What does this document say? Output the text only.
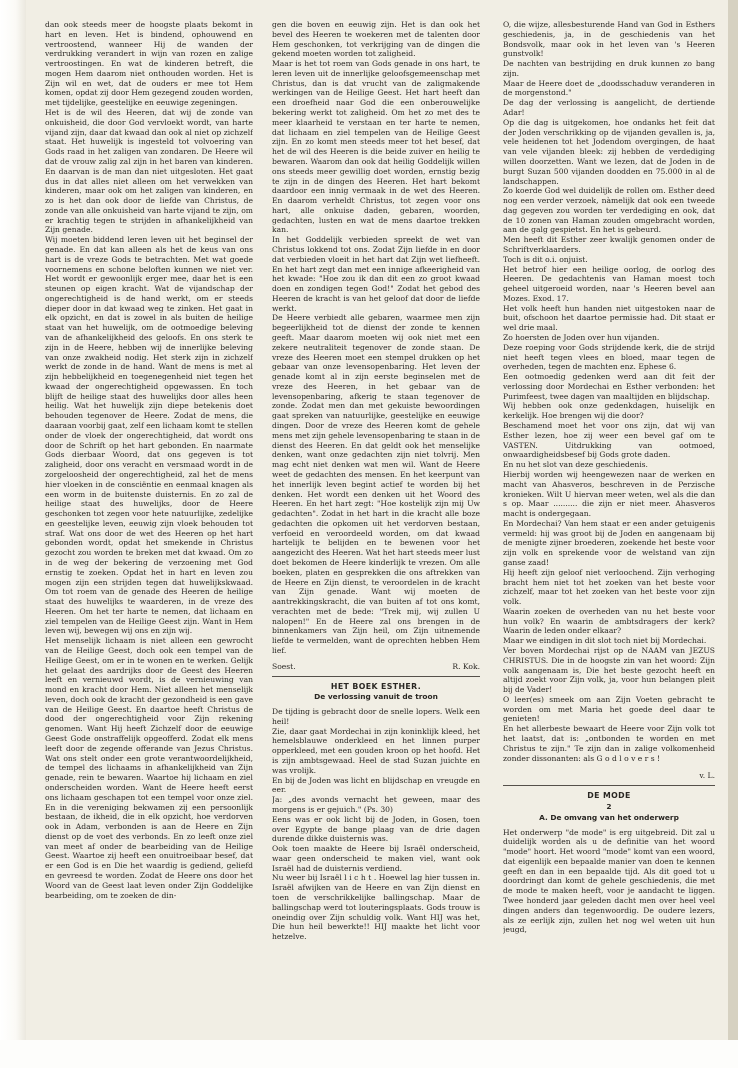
dan ook steeds meer de hoogste plaats bekomt in hart en leven. Het is bindend, ophouwend en vertroostend, wanneer Hij de wanden der verdrukking verandert in wijn van rozen en zalige vertroostingen. En wat de kinderen betreft, die mogen Hem daarom niet onthouden worden. Het is Zijn wil en wet, dat de ouders er mee tot Hem komen, opdat zij door Hem gezegend zouden worden, met tijdelijke, geestelijke en eeuwige zegeningen.

Het is de wil des Heeren, dat wij de zonde van onkuisheid, die door God vervloekt wordt, van harte vijand zijn, daar dat kwaad dan ook al niet op zichzelf staat. Het huwelijk is ingesteld tot volvoering van Gods raad in het zaligen van zondaren. De Heere wil dat de vrouw zalig zal zijn in het baren van kinderen. En daarvan is de man dan niet uitgesloten. Het gaat dus in dat alles niet alleen om het verwekken van kinderen, maar ook om het zaligen van kinderen, en zo is het dan ook door de liefde van Christus, de zonde van alle onkuisheid van harte vijand te zijn, om er krachtig tegen te strijden in afhankelijkheid van Zijn genade.

Wij moeten biddend leren leven uit het beginsel der genade. En dat kan alleen als het de keus van ons hart is de vreze Gods te betrachten. Met wat goede voornemens en schone beloften kunnen we niet ver. Het wordt er gewoonlijk erger mee, daar het is een steunen op eigen kracht. Wat de vijandschap der ongerechtigheid is de hand werkt, om er steeds dieper door in dat kwaad weg te zinken. Het gaat in elk opzicht, en dat is zowel in als buiten de heilige staat van het huwelijk, om de ootmoedige beleving van de afhankelijkheid des geloofs. En ons sterk te zijn in de Heere, hebben wij de innerlijke beleving van onze zwakheid nodig. Het sterk zijn in zichzelf werkt de zonde in de hand. Want de mens is met al zijn hebbelijkheid en toegenegenheid niet tegen het kwaad der ongerechtigheid opgewassen. En toch blijft de heilige staat des huwelijks door alles heen heilig. Wat het huwelijk zijn diepe betekenis doet behouden tegenover de Heere. Zodat de mens, die daaraan voorbij gaat, zelf een lichaam komt te stellen onder de vloek der ongerechtigheid, dat wordt ons door de Schrift op het hart gebonden. En naarmate Gods dierbaar Woord, dat ons gegeven is tot zaligheid, door ons veracht en versmaad wordt in de zorgeloosheid der ongerechtigheid, zal het de mens hier vloeken in de consciëntie en eenmaal knagen als een worm in de buitenste duisternis. En zo zal de heilige staat des huwelijks, door de Heere geschonken tot zegen voor hete natuurlijke, zedelijke en geestelijke leven, eeuwig zijn vloek behouden tot straf. Wat ons door de wet des Heeren op het hart gebonden wordt, opdat het smekende in Christus gezocht zou worden te breken met dat kwaad. Om zo in de weg der bekering de verzoening met God ernstig te zoeken. Opdat het in hart en leven zou mogen zijn een strijden tegen dat huwelijkskwaad. Om tot roem van de genade des Heeren de heilige staat des huwelijks te waarderen, in de vreze des Heeren. Om het ter harte te nemen, dat lichaam en ziel tempelen van de Heilige Geest zijn. Want in Hem leven wij, bewegen wij ons en zijn wij.

Het menselijk lichaam is niet alleen een gewrocht van de Heilige Geest, doch ook een tempel van de Heilige Geest, om er in te wonen en te werken. Gelijk het gelaat des aardrijks door de Geest des Heeren leeft en vernieuwd wordt, is de vernieuwing van mond en kracht door Hem. Niet alleen het menselijk leven, doch ook de kracht der gezondheid is een gave van de Heilige Geest. En daartoe heeft Christus de dood der ongerechtigheid voor Zijn rekening genomen. Want Hij heeft Zichzelf door de eeuwige Geest Gode onstraffelijk opgeofferd. Zodat elk mens leeft door de zegende offerande van Jezus Christus. Wat ons stelt onder een grote verantwoordelijkheid, de tempel des lichaams in afhankelijkheid van Zijn genade, rein te bewaren. Waartoe hij lichaam en ziel onderscheiden worden. Want de Heere heeft eerst ons lichaam geschapen tot een tempel voor onze ziel. En in die vereniging bekwamen zij een persoonlijk bestaan, de ikheid, die in elk opzicht, hoe verdorven ook in Adam, verbonden is aan de Heere en Zijn dienst op de voet des verbonds. En zo leeft onze ziel van meet af onder de bearbeiding van de Heilige Geest. Waartoe zij heeft een onuitroeibaar besef, dat er een God is en Die het waardig is gediend, geliefd en gevreesd te worden. Zodat de Heere ons door het Woord van de Geest laat leven onder Zijn Goddelijke bearbeiding, om te zoeken de din-

gen die boven en eeuwig zijn. Het is dan ook het bevel des Heeren te woekeren met de talenten door Hem geschonken, tot verkrijging van de dingen die gekend moeten worden tot zaligheid.

Maar is het tot roem van Gods genade in ons hart, te leren leven uit de innerlijke geloofsgemeenschap met Christus, dan is dat vrucht van de zaligmakende werkingen van de Heilige Geest. Het hart heeft dan een droefheid naar God die een onberouwelijke bekering werkt tot zaligheid. Om het zo met des te meer klaarheid te verstaan en ter harte te nemen, dat lichaam en ziel tempelen van de Heilige Geest zijn. En zo komt men steeds meer tot het besef, dat het de wil des Heeren is die beide zuiver en heilig te bewaren. Waarom dan ook dat heilig Goddelijk willen ons steeds meer gewillig doet worden, ernstig bezig te zijn in de dingen des Heeren. Het hart bekomt daardoor een innig vermaak in de wet des Heeren. En daarom verheldt Christus, tot zegen voor ons hart, alle onkuise daden, gebaren, woorden, gedachten, lusten en wat de mens daartoe trekken kan.

In het Goddelijk verbieden spreekt de wet van Christus lokkend tot ons. Zodat Zijn liefde in en door dat verbieden vloeit in het hart dat Zijn wet liefheeft. En het hart zegt dan met een innige afkeerigheid van het kwade: "Hoe zou ik dan dit een zo groot kwaad doen en zondigen tegen God!" Zodat het gebod des Heeren de kracht is van het geloof dat door de liefde werkt.

De Heere verbiedt alle gebaren, waarmee men zijn begeerlijkheid tot de dienst der zonde te kennen geeft. Maar daarom moeten wij ook niet met een zekere neutraliteit tegenover de zonde staan. De vreze des Heeren moet een stempel drukken op het gebaar van onze levensopenbaring. Het leven der genade komt al in zijn eerste beginselen met de vreze des Heeren, in het gebaar van de levensopenbaring, afkerig te staan tegenover de zonde. Zodat men dan met gekuiste bewoordingen gaat spreken van natuurlijke, geestelijke en eeuwige dingen. Door de vreze des Heeren komt de gehele mens met zijn gehele levensopenbaring te staan in de dienst des Heeren. En dat geldt ook het menselijke denken, want onze gedachten zijn niet tolvrij. Men mag echt niet denken wat men wil. Want de Heere weet de gedachten des mensen. En het keerpunt van het innerlijk leven begint actief te worden bij het denken. Het wordt een denken uit het Woord des Heeren. En het hart zegt: "Hoe kostelijk zijn mij Uw gedachten". Zodat in het hart in die kracht alle boze gedachten die opkomen uit het verdorven bestaan, verfoeid en veroordeeld worden, om dat kwaad hartelijk te belijden en te bewenen voor het aangezicht des Heeren. Wat het hart steeds meer lust doet bekomen de Heere kinderlijk te vrezen. Om alle boeken, platen en gesprekken die ons aftrekken van de Heere en Zijn dienst, te veroordelen in de kracht van Zijn genade. Want wij moeten de aantrekkingskracht, die van buiten af tot ons komt, verachten met de bede: "Trek mij, wij zullen U nalopen!" En de Heere zal ons brengen in de binnenkamers van Zijn heil, om Zijn uitnemende liefde te vermelden, want de oprechten hebben Hem lief.

Soest.	R. Kok.
HET BOEK ESTHER.
De verlossing vanuit de troon

De tijding is gebracht door de snelle lopers. Welk een heil!

Zie, daar gaat Mordechai in zijn koninklijk kleed, het hemelsblauwe onderkleed en het linnen purper opperkleed, met een gouden kroon op het hoofd. Het is zijn ambtsgewaad. Heel de stad Suzan juichte en was vrolijk.

En bij de Joden was licht en blijdschap en vreugde en eer.

Ja: „des avonds vernacht het geween, maar des morgens is er gejuich." (Ps. 30)

Eens was er ook licht bij de Joden, in Gosen, toen over Egypte de bange plaag van de drie dagen durende dikke duisternis was.

Ook toen maakte de Heere bij Israël onderscheid, waar geen onderscheid te maken viel, want ook Israël had de duisternis verdiend.

Nu weer bij Israël l i c h t . Hoewel lag hier tussen in. Israël afwijken van de Heere en van Zijn dienst en toen de verschrikkelijke ballingschap. Maar de ballingschap werd tot louteringsplaats. Gods trouw is oneindig over Zijn schuldig volk. Want HIJ was het, Die hun heil bewerkte!! HIJ maakte het licht voor hetzelve.

O, die wijze, allesbesturende Hand van God in Esthers geschiedenis, ja, in de geschiedenis van het Bondsvolk, maar ook in het leven van 's Heeren gunstvolk!

De nachten van bestrijding en druk kunnen zo bang zijn.

Maar de Heere doet de „doodsschaduw veranderen in de morgenstond."

De dag der verlossing is aangelicht, de dertiende Adar!

Op die dag is uitgekomen, hoe ondanks het feit dat der Joden verschrikking op de vijanden gevallen is, ja, vele heidenen tot het Jodendom overgingen, de haat van vele vijanden bleek: zij hebben de verdediging willen doorzetten. Want we lezen, dat de Joden in de burgt Suzan 500 vijanden doodden en 75.000 in al de landschappen.

Zo koerde God wel duidelijk de rollen om. Esther deed nog een verder verzoek, nàmelijk dat ook een tweede dag gegeven zou worden ter verdediging en ook, dat de 10 zonen van Haman zouden omgebracht worden, aan de galg gespietst. En het is gebeurd.

Men heeft dit Esther zeer kwalijk genomen onder de Schriftverklaarders.

Toch is dit o.i. onjuist.

Het betrof hier een heilige oorlog, de oorlog des Heeren. De gedachtenis van Haman moest toch geheel uitgeroeid worden, naar 's Heeren bevel aan Mozes. Exod. 17.

Het volk heeft hun handen niet uitgestoken naar de buit, ofschoon het daartoe permissie had. Dit staat er wel drie maal.

Zo hoersten de Joden over hun vijanden.

Deze roeping voor Gods strijdende kerk, die de strijd niet heeft tegen vlees en bloed, maar tegen de overheden, tegen de machten enz. Ephese 6.

Een ootmoedig gedenken werd aan dit feit der verlossing door Mordechai en Esther verbonden: het Purimfeest, twee dagen van maaltijden en blijdschap.

Wij hebben ook onze gedenkdagen, huiselijk en kerkelijk. Hoe brengen wij die door?

Beschamend moet het voor ons zijn, dat wij van Esther lezen, hoe zij weer een bevel gaf om te VASTEN. Uitdrukking van ootmoed, onwaardigheidsbesef bij Gods grote daden.

En nu het slot van deze geschiedenis.

Hierbij worden wij heengewezen naar de werken en macht van Ahasveros, beschreven in de Perzische kronieken. Wilt U hiervan meer weten, wel als die dan s op. Maar .......... die zijn er niet meer. Ahasveros macht is ondergegaan.

En Mordechai? Van hem staat er een ander getuigenis vermeld: hij was groot bij de Joden en aangenaam bij de menigte zijner broederen, zoekende het beste voor zijn volk en sprekende voor de welstand van zijn ganse zaad!

Hij heeft zijn geloof niet verloochend. Zijn verhoging bracht hem niet tot het zoeken van het beste voor zichzelf, maar tot het zoeken van het beste voor zijn volk.

Waarin zoeken de overheden van nu het beste voor hun volk? En waarin de ambtsdragers der kerk? Waarin de leden onder elkaar?

Maar we eindigen in dit slot toch niet bij Mordechai.

Ver boven Mordechai rijst op de NAAM van JEZUS CHRISTUS. Die in de hoogste zin van het woord: Zijn volk aangenaam is, Die het beste gezocht heeft en altijd zoekt voor Zijn volk, ja, voor hun belangen pleit bij de Vader!

O leer(es) smeek om aan Zijn Voeten gebracht te worden om met Maria het goede deel daar te genieten!

En het allerbeste bewaart de Heere voor Zijn volk tot het laatst, dat is: „ontbonden te worden en met Christus te zijn." Te zijn dan in zalige volkomenheid zonder dissonanten: als G o d l o v e r s !

v. L.
DE MODE
2
A. De omvang van het onderwerp

Het onderwerp "de mode" is erg uitgebreid. Dit zal u duidelijk worden als u de definitie van het woord "mode" hoort. Het woord "mode" komt van een woord, dat eigenlijk een bepaalde manier van doen te kennen geeft en dan in een bepaalde tijd. Als dit goed tot u doordringt dan komt de gehele geschiedenis, die met de mode te maken heeft, voor je aandacht te liggen. Twee honderd jaar geleden dacht men over heel veel dingen anders dan tegenwoordig. De oudere lezers, als ze eerlijk zijn, zullen het nog wel weten uit hun jeugd,
